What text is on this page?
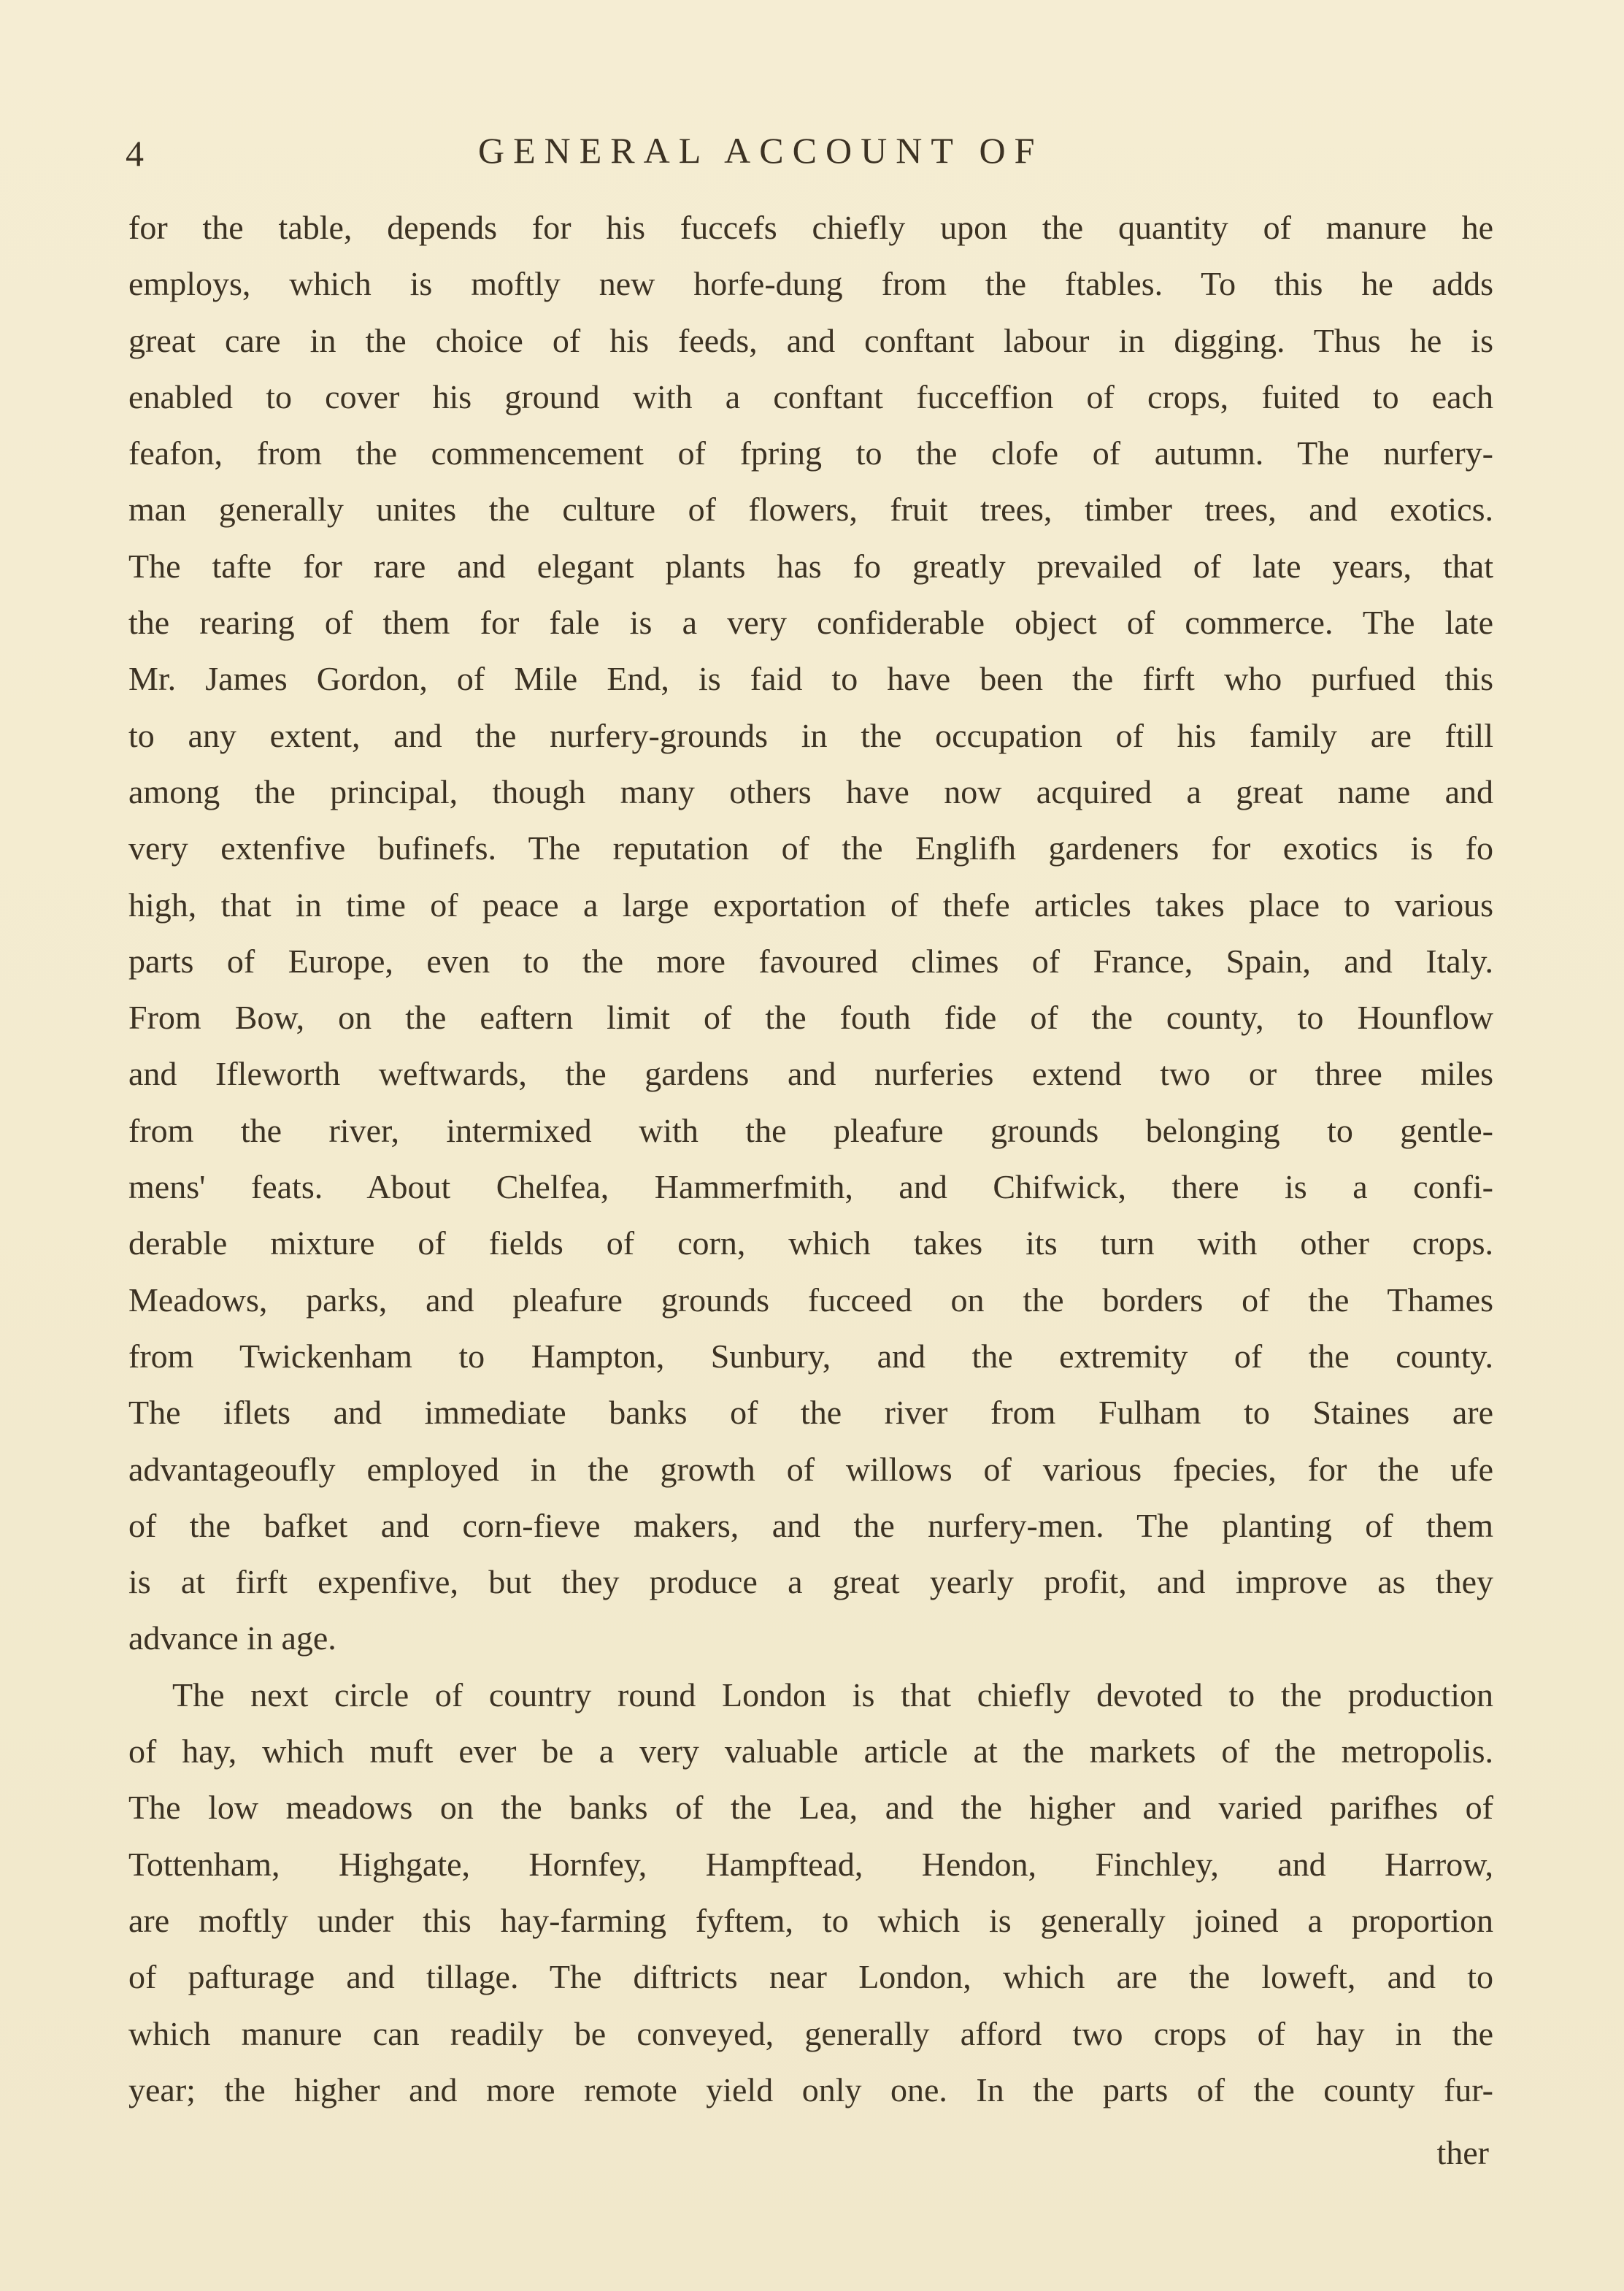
4	GENERAL ACCOUNT OF

for the table, depends for his fuccefs chiefly upon the quantity of manure he
employs, which is moftly new horfe-dung from the ftables. To this he adds
great care in the choice of his feeds, and conftant labour in digging. Thus he is
enabled to cover his ground with a conftant fucceffion of crops, fuited to each
feafon, from the commencement of fpring to the clofe of autumn. The nurfery-
man generally unites the culture of flowers, fruit trees, timber trees, and exotics.
The tafte for rare and elegant plants has fo greatly prevailed of late years, that
the rearing of them for fale is a very confiderable object of commerce. The late
Mr. James Gordon, of Mile End, is faid to have been the firft who purfued this
to any extent, and the nurfery-grounds in the occupation of his family are ftill
among the principal, though many others have now acquired a great name and
very extenfive bufinefs. The reputation of the Englifh gardeners for exotics is fo
high, that in time of peace a large exportation of thefe articles takes place to various
parts of Europe, even to the more favoured climes of France, Spain, and Italy.
From Bow, on the eaftern limit of the fouth fide of the county, to Hounflow
and Ifleworth weftwards, the gardens and nurferies extend two or three miles
from the river, intermixed with the pleafure grounds belonging to gentle-
mens' feats. About Chelfea, Hammerfmith, and Chifwick, there is a confi-
derable mixture of fields of corn, which takes its turn with other crops.
Meadows, parks, and pleafure grounds fucceed on the borders of the Thames
from Twickenham to Hampton, Sunbury, and the extremity of the county.
The iflets and immediate banks of the river from Fulham to Staines are
advantageoufly employed in the growth of willows of various fpecies, for the ufe
of the bafket and corn-fieve makers, and the nurfery-men. The planting of them
is at firft expenfive, but they produce a great yearly profit, and improve as they
advance in age.
The next circle of country round London is that chiefly devoted to the production
of hay, which muft ever be a very valuable article at the markets of the metropolis.
The low meadows on the banks of the Lea, and the higher and varied parifhes of
Tottenham, Highgate, Hornfey, Hampftead, Hendon, Finchley, and Harrow,
are moftly under this hay-farming fyftem, to which is generally joined a proportion
of pafturage and tillage. The diftricts near London, which are the loweft, and to
which manure can readily be conveyed, generally afford two crops of hay in the
year; the higher and more remote yield only one. In the parts of the county fur-

ther
